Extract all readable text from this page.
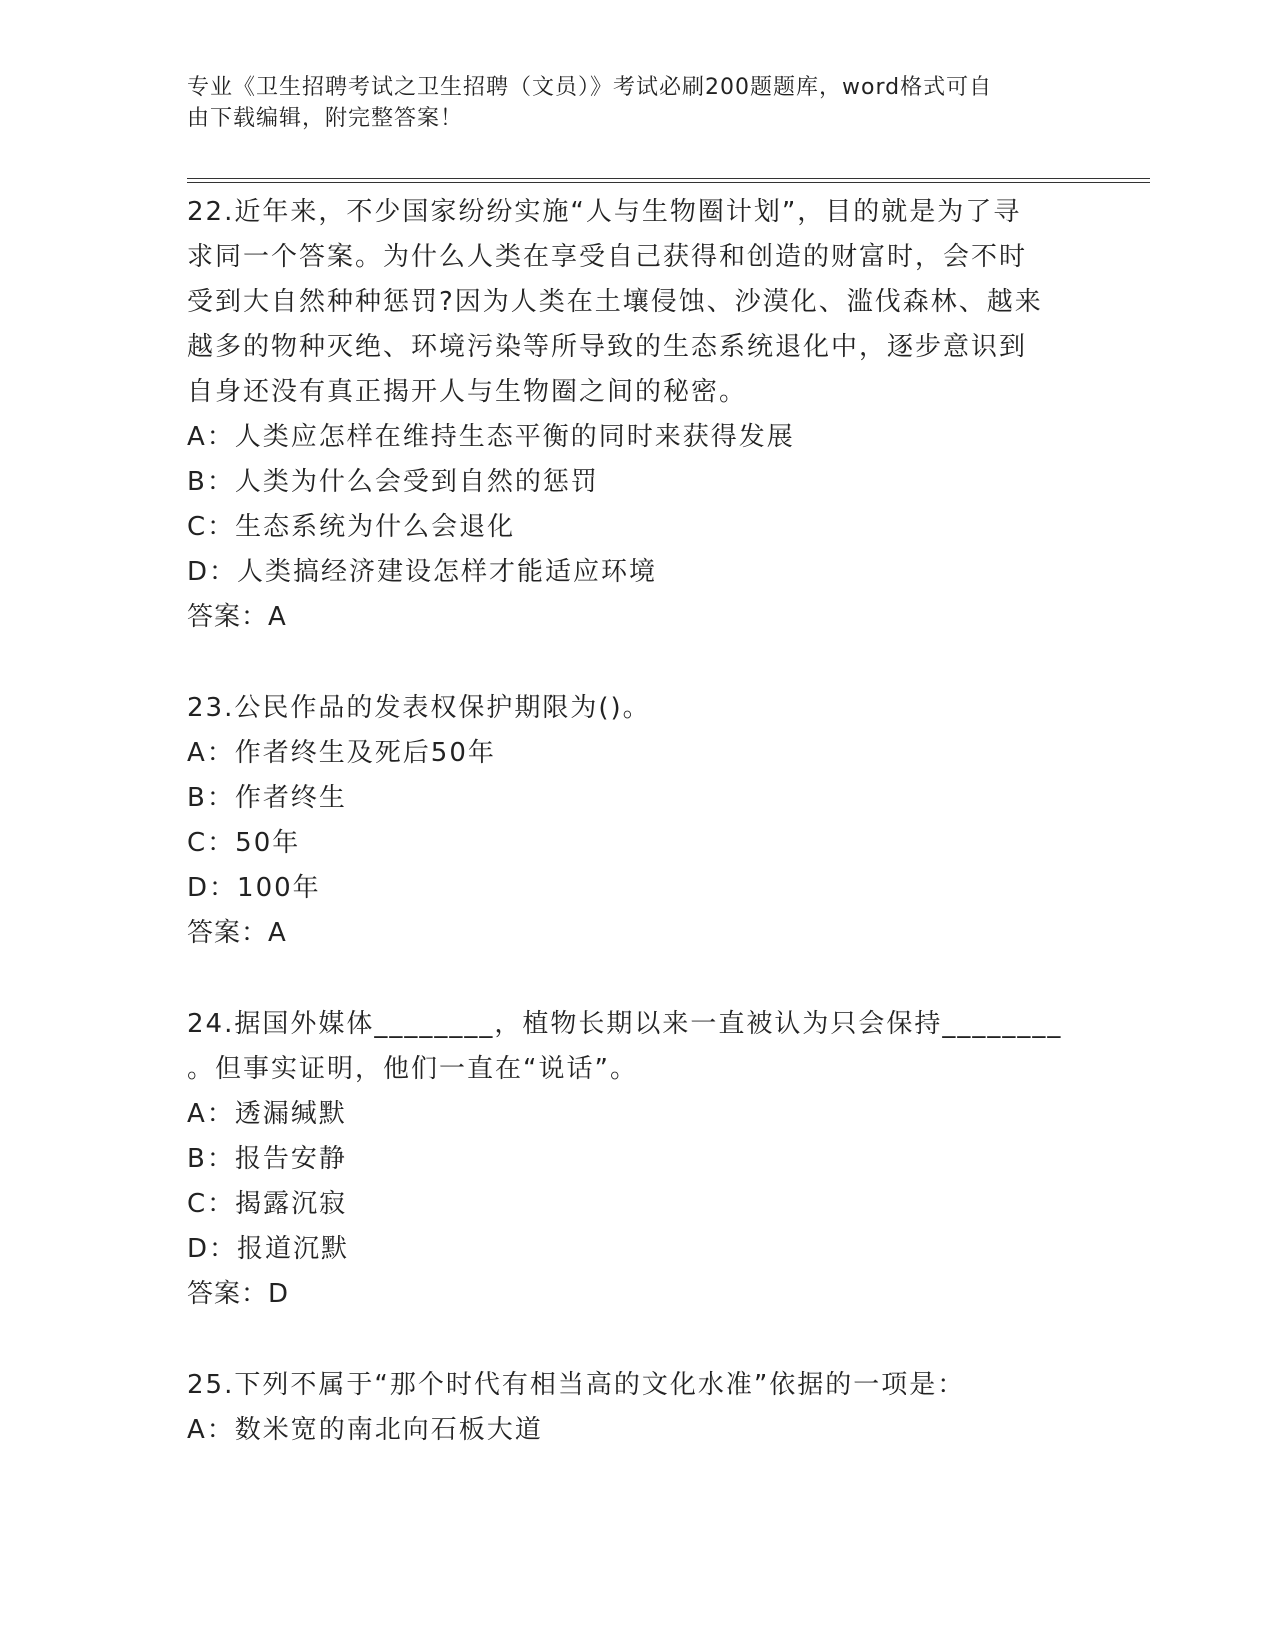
专业《卫生招聘考试之卫生招聘（文员）》考试必刷200题题库，word格式可自
由下载编辑，附完整答案！
22.近年来，不少国家纷纷实施“人与生物圈计划”，目的就是为了寻
求同一个答案。为什么人类在享受自己获得和创造的财富时，会不时
受到大自然种种惩罚?因为人类在土壤侵蚀、沙漠化、滥伐森林、越来
越多的物种灭绝、环境污染等所导致的生态系统退化中，逐步意识到
自身还没有真正揭开人与生物圈之间的秘密。
A：人类应怎样在维持生态平衡的同时来获得发展
B：人类为什么会受到自然的惩罚
C：生态系统为什么会退化
D：人类搞经济建设怎样才能适应环境
答案：A
23.公民作品的发表权保护期限为()。
A：作者终生及死后50年
B：作者终生
C：50年
D：100年
答案：A
24.据国外媒体________，植物长期以来一直被认为只会保持________
。但事实证明，他们一直在“说话”。
A：透漏缄默
B：报告安静
C：揭露沉寂
D：报道沉默
答案：D
25.下列不属于“那个时代有相当高的文化水准”依据的一项是：
A：数米宽的南北向石板大道
